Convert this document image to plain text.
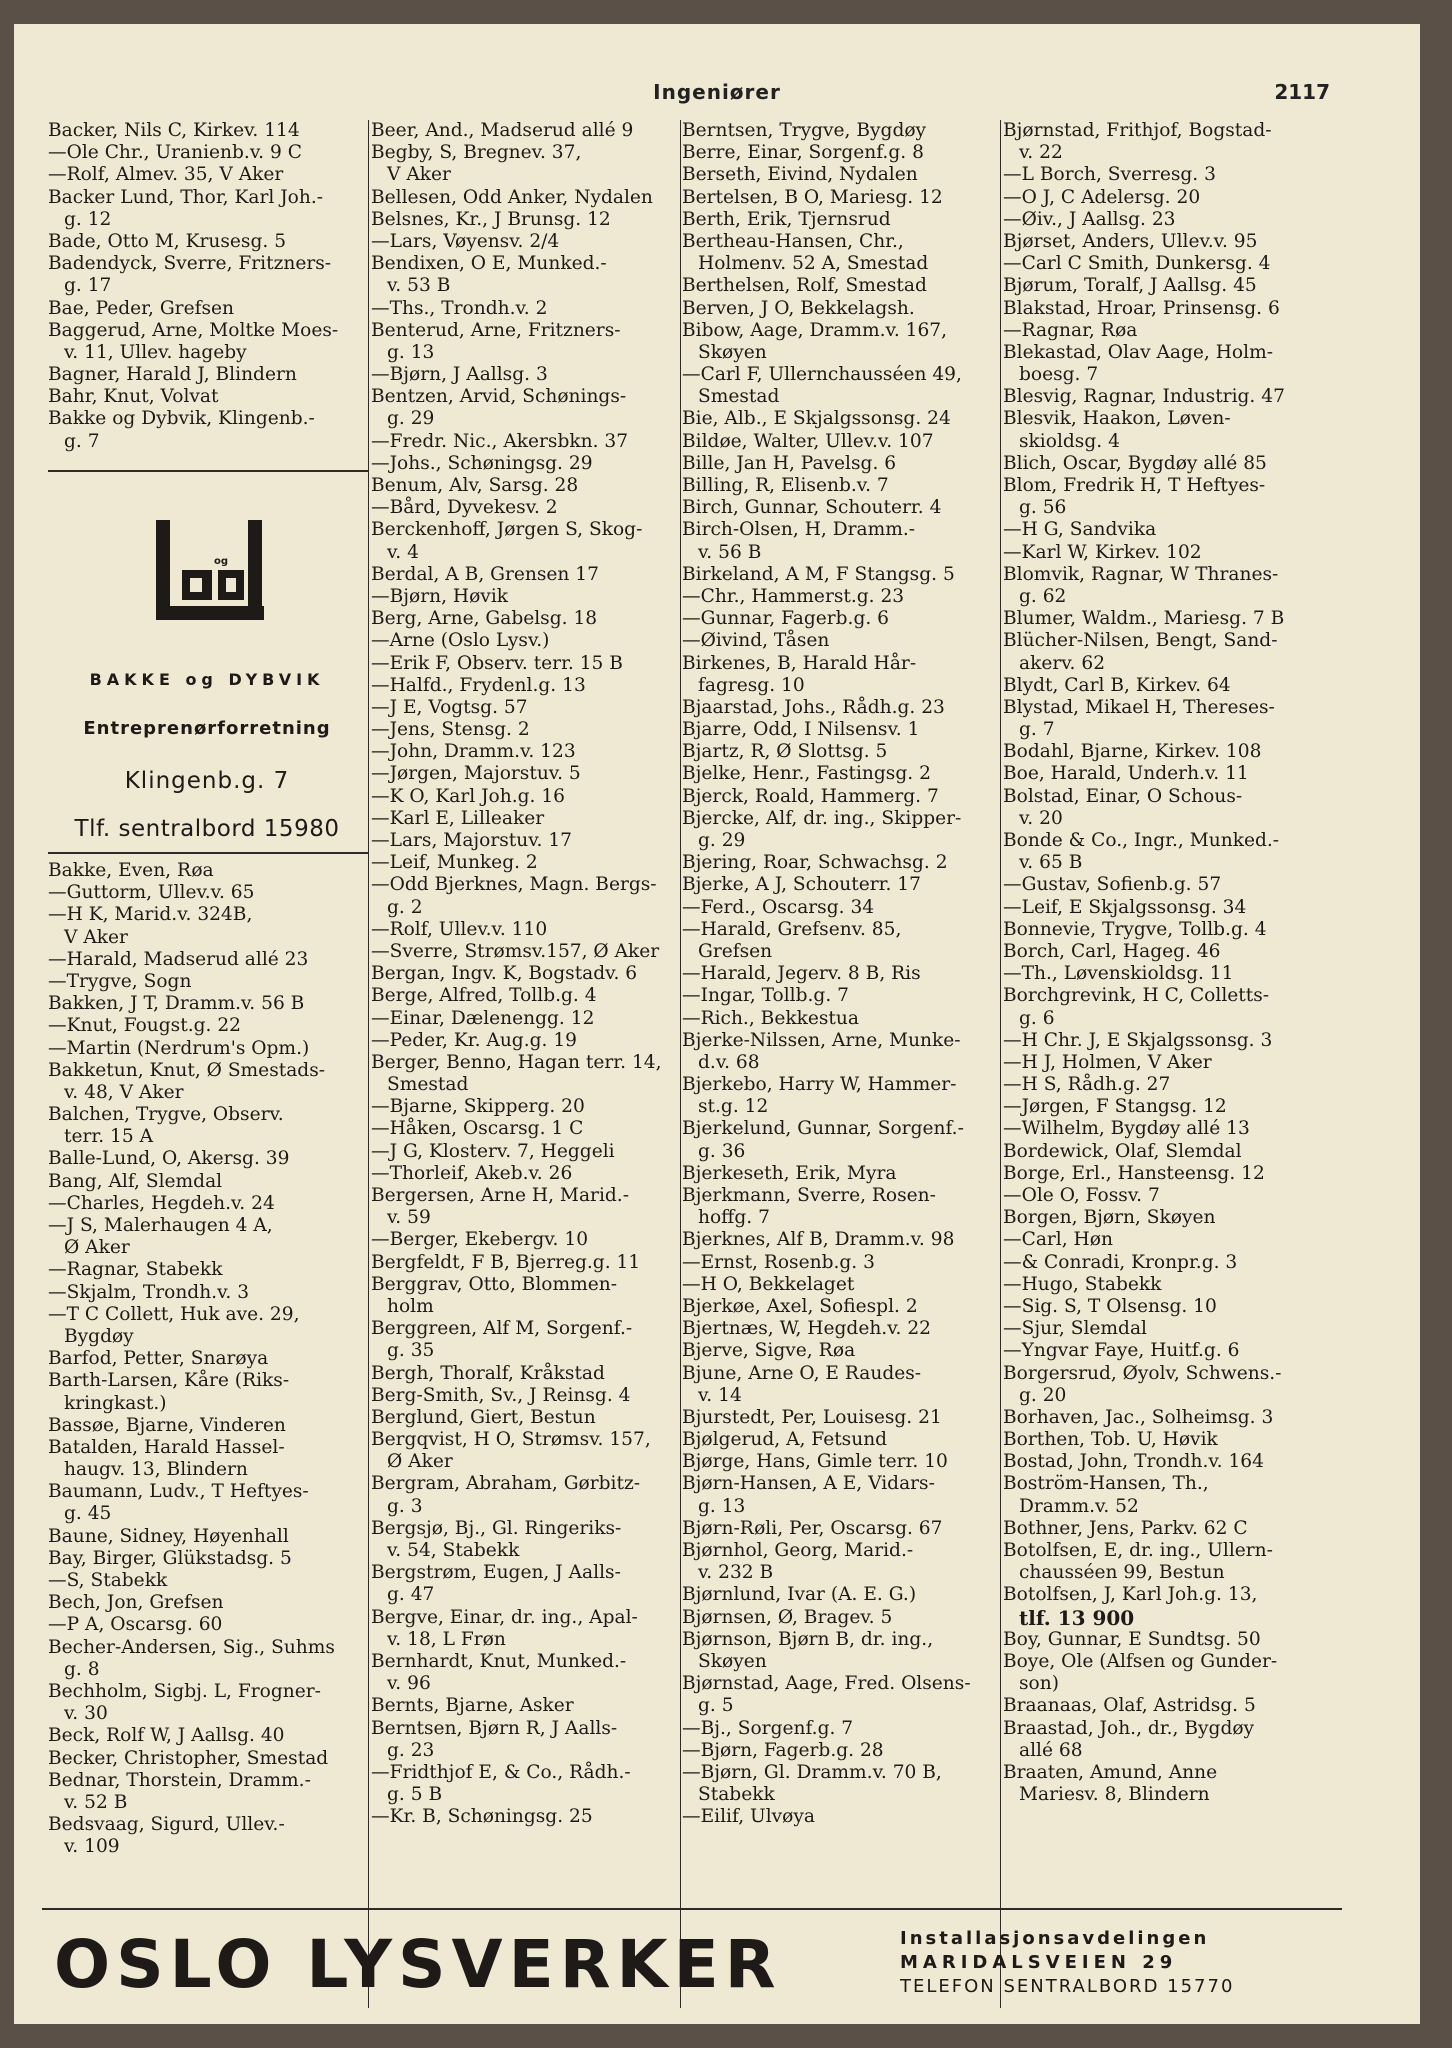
Ingeniører	2117
Backer, Nils C, Kirkev. 114
—Ole Chr., Uranienb.v. 9 C
—Rolf, Almev. 35, V Aker
Backer Lund, Thor, Karl Joh.-
g. 12
Bade, Otto M, Krusesg. 5
Badendyck, Sverre, Fritzners-
g. 17
Bae, Peder, Grefsen
Baggerud, Arne, Moltke Moes-
v. 11, Ullev. hageby
Bagner, Harald J, Blindern
Bahr, Knut, Volvat
Bakke og Dybvik, Klingenb.-
g. 7
og
BAKKE og DYBVIK
Entreprenørforretning
Klingenb.g. 7
Tlf. sentralbord 15980
Bakke, Even, Røa
—Guttorm, Ullev.v. 65
—H K, Marid.v. 324B,
V Aker
—Harald, Madserud allé 23
—Trygve, Sogn
Bakken, J T, Dramm.v. 56 B
—Knut, Fougst.g. 22
—Martin (Nerdrum's Opm.)
Bakketun, Knut, Ø Smestads-
v. 48, V Aker
Balchen, Trygve, Observ.
terr. 15 A
Balle-Lund, O, Akersg. 39
Bang, Alf, Slemdal
—Charles, Hegdeh.v. 24
—J S, Malerhaugen 4 A,
Ø Aker
—Ragnar, Stabekk
—Skjalm, Trondh.v. 3
—T C Collett, Huk ave. 29,
Bygdøy
Barfod, Petter, Snarøya
Barth-Larsen, Kåre (Riks-
kringkast.)
Bassøe, Bjarne, Vinderen
Batalden, Harald Hassel-
haugv. 13, Blindern
Baumann, Ludv., T Heftyes-
g. 45
Baune, Sidney, Høyenhall
Bay, Birger, Glükstadsg. 5
—S, Stabekk
Bech, Jon, Grefsen
—P A, Oscarsg. 60
Becher-Andersen, Sig., Suhms
g. 8
Bechholm, Sigbj. L, Frogner-
v. 30
Beck, Rolf W, J Aallsg. 40
Becker, Christopher, Smestad
Bednar, Thorstein, Dramm.-
v. 52 B
Bedsvaag, Sigurd, Ullev.-
v. 109
Beer, And., Madserud allé 9
Begby, S, Bregnev. 37,
V Aker
Bellesen, Odd Anker, Nydalen
Belsnes, Kr., J Brunsg. 12
—Lars, Vøyensv. 2/4
Bendixen, O E, Munked.-
v. 53 B
—Ths., Trondh.v. 2
Benterud, Arne, Fritzners-
g. 13
—Bjørn, J Aallsg. 3
Bentzen, Arvid, Schønings-
g. 29
—Fredr. Nic., Akersbkn. 37
—Johs., Schøningsg. 29
Benum, Alv, Sarsg. 28
—Bård, Dyvekesv. 2
Berckenhoff, Jørgen S, Skog-
v. 4
Berdal, A B, Grensen 17
—Bjørn, Høvik
Berg, Arne, Gabelsg. 18
—Arne (Oslo Lysv.)
—Erik F, Observ. terr. 15 B
—Halfd., Frydenl.g. 13
—J E, Vogtsg. 57
—Jens, Stensg. 2
—John, Dramm.v. 123
—Jørgen, Majorstuv. 5
—K O, Karl Joh.g. 16
—Karl E, Lilleaker
—Lars, Majorstuv. 17
—Leif, Munkeg. 2
—Odd Bjerknes, Magn. Bergs-
g. 2
—Rolf, Ullev.v. 110
—Sverre, Strømsv.157, Ø Aker
Bergan, Ingv. K, Bogstadv. 6
Berge, Alfred, Tollb.g. 4
—Einar, Dælenengg. 12
—Peder, Kr. Aug.g. 19
Berger, Benno, Hagan terr. 14,
Smestad
—Bjarne, Skipperg. 20
—Håken, Oscarsg. 1 C
—J G, Klosterv. 7, Heggeli
—Thorleif, Akeb.v. 26
Bergersen, Arne H, Marid.-
v. 59
—Berger, Ekebergv. 10
Bergfeldt, F B, Bjerreg.g. 11
Berggrav, Otto, Blommen-
holm
Berggreen, Alf M, Sorgenf.-
g. 35
Bergh, Thoralf, Kråkstad
Berg-Smith, Sv., J Reinsg. 4
Berglund, Giert, Bestun
Bergqvist, H O, Strømsv. 157,
Ø Aker
Bergram, Abraham, Gørbitz-
g. 3
Bergsjø, Bj., Gl. Ringeriks-
v. 54, Stabekk
Bergstrøm, Eugen, J Aalls-
g. 47
Bergve, Einar, dr. ing., Apal-
v. 18, L Frøn
Bernhardt, Knut, Munked.-
v. 96
Bernts, Bjarne, Asker
Berntsen, Bjørn R, J Aalls-
g. 23
—Fridthjof E, & Co., Rådh.-
g. 5 B
—Kr. B, Schøningsg. 25
Berntsen, Trygve, Bygdøy
Berre, Einar, Sorgenf.g. 8
Berseth, Eivind, Nydalen
Bertelsen, B O, Mariesg. 12
Berth, Erik, Tjernsrud
Bertheau-Hansen, Chr.,
Holmenv. 52 A, Smestad
Berthelsen, Rolf, Smestad
Berven, J O, Bekkelagsh.
Bibow, Aage, Dramm.v. 167,
Skøyen
—Carl F, Ullernchausséen 49,
Smestad
Bie, Alb., E Skjalgssonsg. 24
Bildøe, Walter, Ullev.v. 107
Bille, Jan H, Pavelsg. 6
Billing, R, Elisenb.v. 7
Birch, Gunnar, Schouterr. 4
Birch-Olsen, H, Dramm.-
v. 56 B
Birkeland, A M, F Stangsg. 5
—Chr., Hammerst.g. 23
—Gunnar, Fagerb.g. 6
—Øivind, Tåsen
Birkenes, B, Harald Hår-
fagresg. 10
Bjaarstad, Johs., Rådh.g. 23
Bjarre, Odd, I Nilsensv. 1
Bjartz, R, Ø Slottsg. 5
Bjelke, Henr., Fastingsg. 2
Bjerck, Roald, Hammerg. 7
Bjercke, Alf, dr. ing., Skipper-
g. 29
Bjering, Roar, Schwachsg. 2
Bjerke, A J, Schouterr. 17
—Ferd., Oscarsg. 34
—Harald, Grefsenv. 85,
Grefsen
—Harald, Jegerv. 8 B, Ris
—Ingar, Tollb.g. 7
—Rich., Bekkestua
Bjerke-Nilssen, Arne, Munke-
d.v. 68
Bjerkebo, Harry W, Hammer-
st.g. 12
Bjerkelund, Gunnar, Sorgenf.-
g. 36
Bjerkeseth, Erik, Myra
Bjerkmann, Sverre, Rosen-
hoffg. 7
Bjerknes, Alf B, Dramm.v. 98
—Ernst, Rosenb.g. 3
—H O, Bekkelaget
Bjerkøe, Axel, Sofiespl. 2
Bjertnæs, W, Hegdeh.v. 22
Bjerve, Sigve, Røa
Bjune, Arne O, E Raudes-
v. 14
Bjurstedt, Per, Louisesg. 21
Bjølgerud, A, Fetsund
Bjørge, Hans, Gimle terr. 10
Bjørn-Hansen, A E, Vidars-
g. 13
Bjørn-Røli, Per, Oscarsg. 67
Bjørnhol, Georg, Marid.-
v. 232 B
Bjørnlund, Ivar (A. E. G.)
Bjørnsen, Ø, Bragev. 5
Bjørnson, Bjørn B, dr. ing.,
Skøyen
Bjørnstad, Aage, Fred. Olsens-
g. 5
—Bj., Sorgenf.g. 7
—Bjørn, Fagerb.g. 28
—Bjørn, Gl. Dramm.v. 70 B,
Stabekk
—Eilif, Ulvøya
Bjørnstad, Frithjof, Bogstad-
v. 22
—L Borch, Sverresg. 3
—O J, C Adelersg. 20
—Øiv., J Aallsg. 23
Bjørset, Anders, Ullev.v. 95
—Carl C Smith, Dunkersg. 4
Bjørum, Toralf, J Aallsg. 45
Blakstad, Hroar, Prinsensg. 6
—Ragnar, Røa
Blekastad, Olav Aage, Holm-
boesg. 7
Blesvig, Ragnar, Industrig. 47
Blesvik, Haakon, Løven-
skioldsg. 4
Blich, Oscar, Bygdøy allé 85
Blom, Fredrik H, T Heftyes-
g. 56
—H G, Sandvika
—Karl W, Kirkev. 102
Blomvik, Ragnar, W Thranes-
g. 62
Blumer, Waldm., Mariesg. 7 B
Blücher-Nilsen, Bengt, Sand-
akerv. 62
Blydt, Carl B, Kirkev. 64
Blystad, Mikael H, Thereses-
g. 7
Bodahl, Bjarne, Kirkev. 108
Boe, Harald, Underh.v. 11
Bolstad, Einar, O Schous-
v. 20
Bonde & Co., Ingr., Munked.-
v. 65 B
—Gustav, Sofienb.g. 57
—Leif, E Skjalgssonsg. 34
Bonnevie, Trygve, Tollb.g. 4
Borch, Carl, Hageg. 46
—Th., Løvenskioldsg. 11
Borchgrevink, H C, Colletts-
g. 6
—H Chr. J, E Skjalgssonsg. 3
—H J, Holmen, V Aker
—H S, Rådh.g. 27
—Jørgen, F Stangsg. 12
—Wilhelm, Bygdøy allé 13
Bordewick, Olaf, Slemdal
Borge, Erl., Hansteensg. 12
—Ole O, Fossv. 7
Borgen, Bjørn, Skøyen
—Carl, Høn
—& Conradi, Kronpr.g. 3
—Hugo, Stabekk
—Sig. S, T Olsensg. 10
—Sjur, Slemdal
—Yngvar Faye, Huitf.g. 6
Borgersrud, Øyolv, Schwens.-
g. 20
Borhaven, Jac., Solheimsg. 3
Borthen, Tob. U, Høvik
Bostad, John, Trondh.v. 164
Boström-Hansen, Th.,
Dramm.v. 52
Bothner, Jens, Parkv. 62 C
Botolfsen, E, dr. ing., Ullern-
chausséen 99, Bestun
Botolfsen, J, Karl Joh.g. 13,
tlf. 13 900
Boy, Gunnar, E Sundtsg. 50
Boye, Ole (Alfsen og Gunder-
son)
Braanaas, Olaf, Astridsg. 5
Braastad, Joh., dr., Bygdøy
allé 68
Braaten, Amund, Anne
Mariesv. 8, Blindern
OSLO LYSVERKER	Installasjonsavdelingen
MARIDALSVEIEN 29
TELEFON SENTRALBORD 15770
